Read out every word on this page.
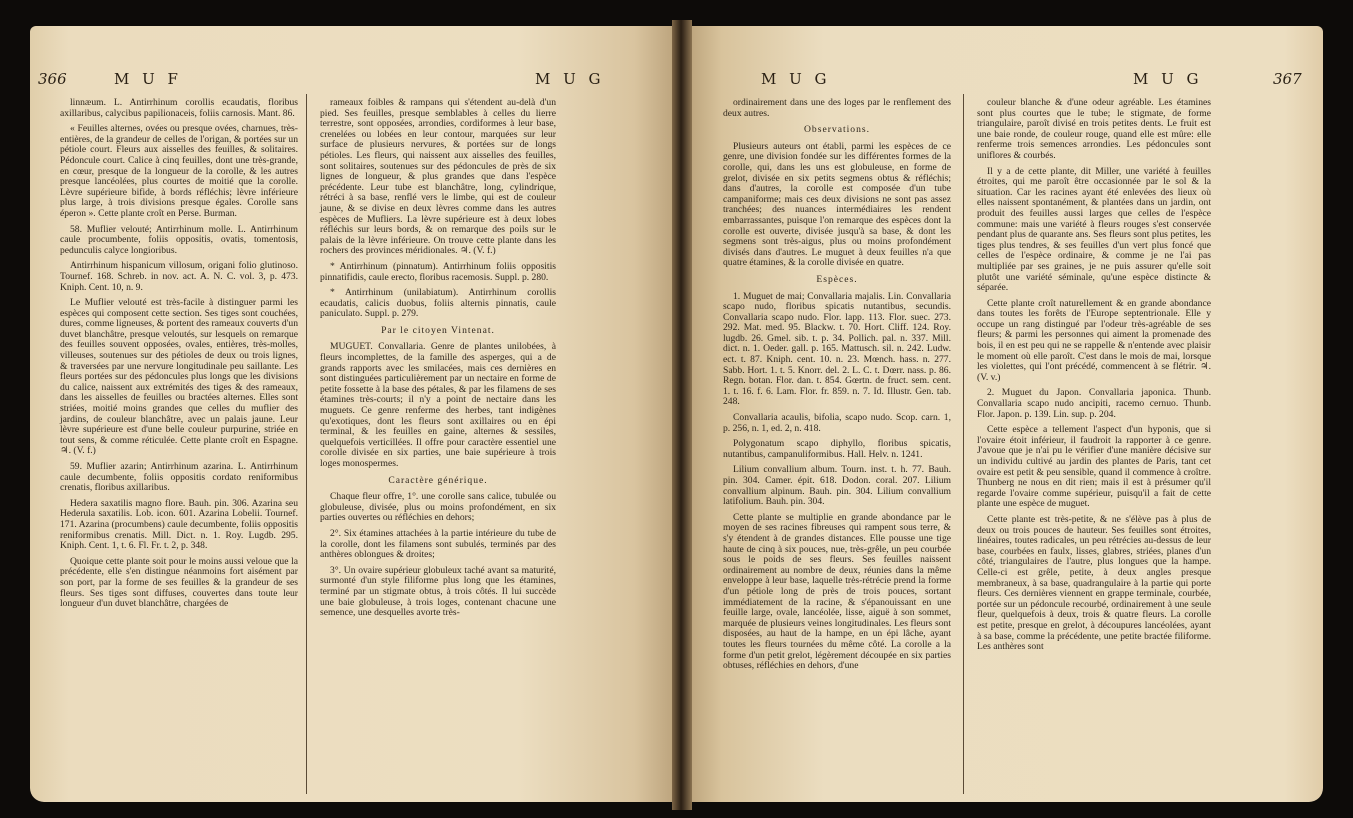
366	M U F	M U G

linnæum. L. Antirrhinum corollis ecaudatis, floribus axillaribus, calycibus papilionaceis, foliis carnosis. Mant. 86.

« Feuilles alternes, ovées ou presque ovées, charnues, très-entières, de la grandeur de celles de l'origan, & portées sur un pétiole court. Fleurs aux aisselles des feuilles, & solitaires. Pédoncule court. Calice à cinq feuilles, dont une très-grande, en cœur, presque de la longueur de la corolle, & les autres presque lancéolées, plus courtes de moitié que la corolle. Lèvre supérieure bifide, à bords réfléchis; lèvre inférieure plus large, à trois divisions presque égales. Corolle sans éperon ». Cette plante croît en Perse. Burman.

58. Muflier velouté; Antirrhinum molle. L. Antirrhinum caule procumbente, foliis oppositis, ovatis, tomentosis, pedunculis calyce longioribus.

Antirrhinum hispanicum villosum, origani folio glutinoso. Tournef. 168. Schreb. in nov. act. A. N. C. vol. 3, p. 473. Kniph. Cent. 10, n. 9.

Le Muflier velouté est très-facile à distinguer parmi les espèces qui composent cette section. Ses tiges sont couchées, dures, comme ligneuses, & portent des rameaux couverts d'un duvet blanchâtre, presque veloutés, sur lesquels on remarque des feuilles souvent opposées, ovales, entières, très-molles, villeuses, soutenues sur des pétioles de deux ou trois lignes, & traversées par une nervure longitudinale peu saillante. Les fleurs portées sur des pédoncules plus longs que les divisions du calice, naissent aux extrémités des tiges & des rameaux, dans les aisselles de feuilles ou bractées alternes. Elles sont striées, moitié moins grandes que celles du muflier des jardins, de couleur blanchâtre, avec un palais jaune. Leur lèvre supérieure est d'une belle couleur purpurine, striée en tout sens, & comme réticulée. Cette plante croît en Espagne. ♃. (V. f.)

59. Muflier azarin; Antirrhinum azarina. L. Antirrhinum caule decumbente, foliis oppositis cordato reniformibus crenatis, floribus axillaribus.

Hedera saxatilis magno flore. Bauh. pin. 306. Azarina seu Hederula saxatilis. Lob. icon. 601. Azarina Lobelii. Tournef. 171. Azarina (procumbens) caule decumbente, foliis oppositis reniformibus crenatis. Mill. Dict. n. 1. Roy. Lugdb. 295. Kniph. Cent. 1, t. 6. Fl. Fr. t. 2, p. 348.

Quoique cette plante soit pour le moins aussi veloue que la précédente, elle s'en distingue néanmoins fort aisément par son port, par la forme de ses feuilles & la grandeur de ses fleurs. Ses tiges sont diffuses, couvertes dans toute leur longueur d'un duvet blanchâtre, chargées de

rameaux foibles & rampans qui s'étendent au-delà d'un pied. Ses feuilles, presque semblables à celles du lierre terrestre, sont opposées, arrondies, cordiformes à leur base, crenelées ou lobées en leur contour, marquées sur leur surface de plusieurs nervures, & portées sur de longs pétioles. Les fleurs, qui naissent aux aisselles des feuilles, sont solitaires, soutenues sur des pédoncules de près de six lignes de longueur, & plus grandes que dans l'espèce précédente. Leur tube est blanchâtre, long, cylindrique, rétréci à sa base, renflé vers le limbe, qui est de couleur jaune, & se divise en deux lèvres comme dans les autres espèces de Mufliers. La lèvre supérieure est à deux lobes réfléchis sur leurs bords, & on remarque des poils sur le palais de la lèvre inférieure. On trouve cette plante dans les rochers des provinces méridionales. ♃. (V. f.)

* Antirrhinum (pinnatum). Antirrhinum foliis oppositis pinnatifidis, caule erecto, floribus racemosis. Suppl. p. 280.

* Antirrhinum (unilabiatum). Antirrhinum corollis ecaudatis, calicis duobus, foliis alternis pinnatis, caule paniculato. Suppl. p. 279.

Par le citoyen Vintenat.

MUGUET. Convallaria. Genre de plantes unilobées, à fleurs incomplettes, de la famille des asperges, qui a de grands rapports avec les smilacées, mais ces dernières en sont distinguées particulièrement par un nectaire en forme de petite fossette à la base des pétales, & par les filamens de ses étamines très-courts; il n'y a point de nectaire dans les muguets. Ce genre renferme des herbes, tant indigènes qu'exotiques, dont les fleurs sont axillaires ou en épi terminal, & les feuilles en gaine, alternes & sessiles, quelquefois verticillées. Il offre pour caractère essentiel une corolle divisée en six parties, une baie supérieure à trois loges monospermes.

Caractère générique.

Chaque fleur offre, 1°. une corolle sans calice, tubulée ou globuleuse, divisée, plus ou moins profondément, en six parties ouvertes ou réfléchies en dehors;

2°. Six étamines attachées à la partie intérieure du tube de la corolle, dont les filamens sont subulés, terminés par des anthères oblongues & droites;

3°. Un ovaire supérieur globuleux taché avant sa maturité, surmonté d'un style filiforme plus long que les étamines, terminé par un stigmate obtus, à trois côtés. Il lui succède une baie globuleuse, à trois loges, contenant chacune une semence, une desquelles avorte très-

M U G	M U G	367

ordinairement dans une des loges par le renflement des deux autres.

Observations.

Plusieurs auteurs ont établi, parmi les espèces de ce genre, une division fondée sur les différentes formes de la corolle, qui, dans les uns est globuleuse, en forme de grelot, divisée en six petits segmens obtus & réfléchis; dans d'autres, la corolle est composée d'un tube campaniforme; mais ces deux divisions ne sont pas assez tranchées; des nuances intermédiaires les rendent embarrassantes, puisque l'on remarque des espèces dont la corolle est ouverte, divisée jusqu'à sa base, & dont les segmens sont très-aigus, plus ou moins profondément divisés dans d'autres. Le muguet à deux feuilles n'a que quatre étamines, & la corolle divisée en quatre.

Espèces.

1. Muguet de mai; Convallaria majalis. Lin. Convallaria scapo nudo, floribus spicatis nutantibus, secundis. Convallaria scapo nudo. Flor. lapp. 113. Flor. suec. 273. 292. Mat. med. 95. Blackw. t. 70. Hort. Cliff. 124. Roy. lugdb. 26. Gmel. sib. t. p. 34. Pollich. pal. n. 337. Mill. dict. n. 1. Oeder. gall. p. 165. Mattusch. sil. n. 242. Ludw. ect. t. 87. Kniph. cent. 10. n. 23. Mœnch. hass. n. 277. Sabb. Hort. 1. t. 5. Knorr. del. 2. L. C. t. Dœrr. nass. p. 86. Regn. botan. Flor. dan. t. 854. Gœrtn. de fruct. sem. cent. 1. t. 16. f. 6. Lam. Flor. fr. 859. n. 7. Id. Illustr. Gen. tab. 248.

Convallaria acaulis, bifolia, scapo nudo. Scop. carn. 1, p. 256, n. 1, ed. 2, n. 418.

Polygonatum scapo diphyllo, floribus spicatis, nutantibus, campanuliformibus. Hall. Helv. n. 1241.

Lilium convallium album. Tourn. inst. t. h. 77. Bauh. pin. 304. Camer. épit. 618. Dodon. coral. 207. Lilium convallium alpinum. Bauh. pin. 304. Lilium convallium latifolium. Bauh. pin. 304.

Cette plante se multiplie en grande abondance par le moyen de ses racines fibreuses qui rampent sous terre, & s'y étendent à de grandes distances. Elle pousse une tige haute de cinq à six pouces, nue, très-grêle, un peu courbée sous le poids de ses fleurs. Ses feuilles naissent ordinairement au nombre de deux, réunies dans la même enveloppe à leur base, laquelle très-rétrécie prend la forme d'un pétiole long de près de trois pouces, sortant immédiatement de la racine, & s'épanouissant en une feuille large, ovale, lancéolée, lisse, aiguë à son sommet, marquée de plusieurs veines longitudinales. Les fleurs sont disposées, au haut de la hampe, en un épi lâche, ayant toutes les fleurs tournées du même côté. La corolle a la forme d'un petit grelot, légèrement découpée en six parties obtuses, réfléchies en dehors, d'une

couleur blanche & d'une odeur agréable. Les étamines sont plus courtes que le tube; le stigmate, de forme triangulaire, paroît divisé en trois petites dents. Le fruit est une baie ronde, de couleur rouge, quand elle est mûre: elle renferme trois semences arrondies. Les pédoncules sont uniflores & courbés.

Il y a de cette plante, dit Miller, une variété à feuilles étroites, qui me paroît être occasionnée par le sol & la situation. Car les racines ayant été enlevées des lieux où elles naissent spontanément, & plantées dans un jardin, ont produit des feuilles aussi larges que celles de l'espèce commune: mais une variété à fleurs rouges s'est conservée pendant plus de quarante ans. Ses fleurs sont plus petites, les tiges plus tendres, & ses feuilles d'un vert plus foncé que celles de l'espèce ordinaire, & comme je ne l'ai pas multipliée par ses graines, je ne puis assurer qu'elle soit plutôt une variété séminale, qu'une espèce distincte & séparée.

Cette plante croît naturellement & en grande abondance dans toutes les forêts de l'Europe septentrionale. Elle y occupe un rang distingué par l'odeur très-agréable de ses fleurs; & parmi les personnes qui aiment la promenade des bois, il en est peu qui ne se rappelle & n'entende avec plaisir le moment où elle paroît. C'est dans le mois de mai, lorsque les violettes, qui l'ont précédé, commencent à se flétrir. ♃. (V. v.)

2. Muguet du Japon. Convallaria japonica. Thunb. Convallaria scapo nudo ancipiti, racemo cernuo. Thunb. Flor. Japon. p. 139. Lin. sup. p. 204.

Cette espèce a tellement l'aspect d'un hyponis, que si l'ovaire étoit inférieur, il faudroit la rapporter à ce genre. J'avoue que je n'ai pu le vérifier d'une manière décisive sur un individu cultivé au jardin des plantes de Paris, tant cet ovaire est petit & peu sensible, quand il commence à croître. Thunberg ne nous en dit rien; mais il est à présumer qu'il regarde l'ovaire comme supérieur, puisqu'il a fait de cette plante une espèce de muguet.

Cette plante est très-petite, & ne s'élève pas à plus de deux ou trois pouces de hauteur. Ses feuilles sont étroites, linéaires, toutes radicales, un peu rétrécies au-dessus de leur base, courbées en faulx, lisses, glabres, striées, planes d'un côté, triangulaires de l'autre, plus longues que la hampe. Celle-ci est grêle, petite, à deux angles presque membraneux, à sa base, quadrangulaire à la partie qui porte fleurs. Ces dernières viennent en grappe terminale, courbée, portée sur un pédoncule recourbé, ordinairement à une seule fleur, quelquefois à deux, trois & quatre fleurs. La corolle est petite, presque en grelot, à découpures lancéolées, ayant à sa base, comme la précédente, une petite bractée filiforme. Les anthères sont
